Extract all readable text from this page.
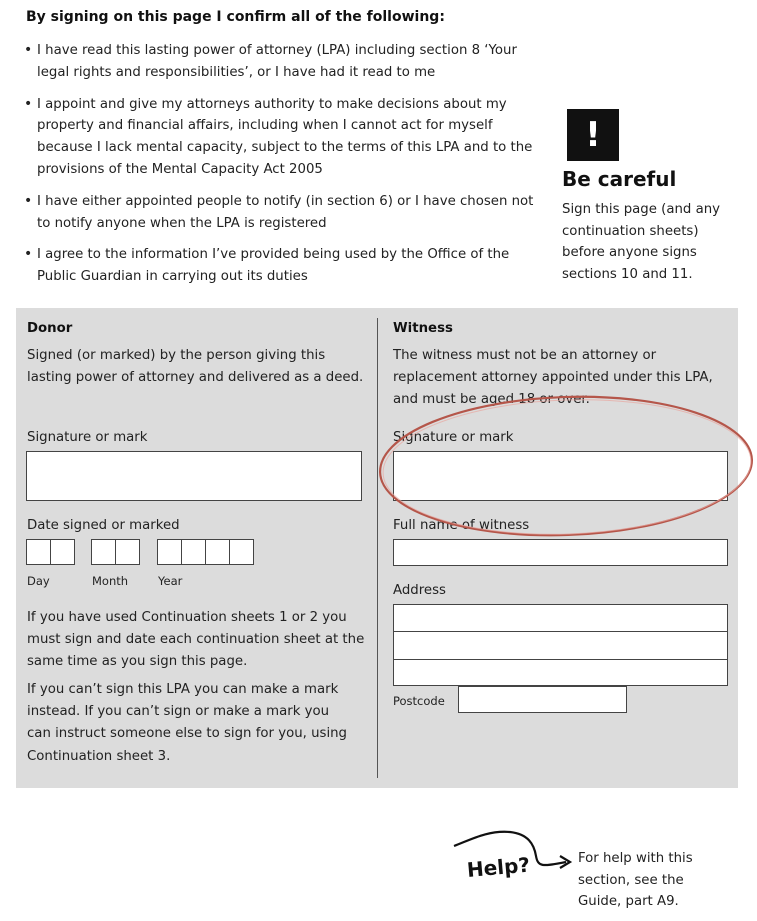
By signing on this page I confirm all of the following:
• I have read this lasting power of attorney (LPA) including section 8 ‘Your legal rights and responsibilities’, or I have had it read to me
• I appoint and give my attorneys authority to make decisions about my property and financial affairs, including when I cannot act for myself because I lack mental capacity, subject to the terms of this LPA and to the provisions of the Mental Capacity Act 2005
• I have either appointed people to notify (in section 6) or I have chosen not to notify anyone when the LPA is registered
• I agree to the information I’ve provided being used by the Office of the Public Guardian in carrying out its duties
!
Be careful
Sign this page (and any continuation sheets) before anyone signs sections 10 and 11.
Donor
Signed (or marked) by the person giving this lasting power of attorney and delivered as a deed.
Signature or mark
Date signed or marked
Day	Month	Year
If you have used Continuation sheets 1 or 2 you must sign and date each continuation sheet at the same time as you sign this page.
If you can’t sign this LPA you can make a mark instead. If you can’t sign or make a mark you can instruct someone else to sign for you, using Continuation sheet 3.
Witness
The witness must not be an attorney or replacement attorney appointed under this LPA, and must be aged 18 or over.
Signature or mark
Full name of witness
Address
Postcode
Help?	For help with this section, see the Guide, part A9.
